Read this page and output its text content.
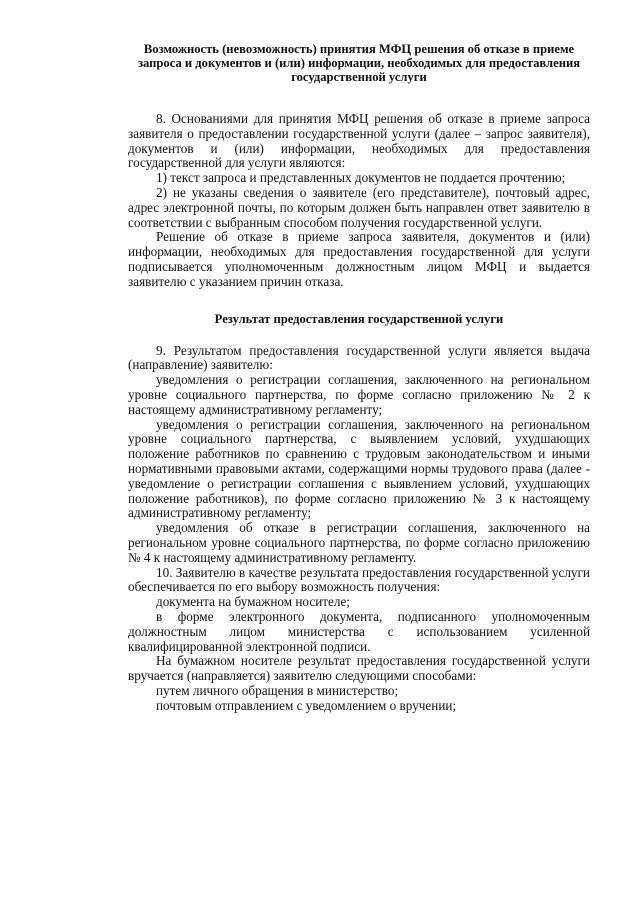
Возможность (невозможность) принятия МФЦ решения об отказе в приеме запроса и документов и (или) информации, необходимых для предоставления государственной услуги

8. Основаниями для принятия МФЦ решения об отказе в приеме запроса заявителя о предоставлении государственной услуги (далее – запрос заявителя), документов и (или) информации, необходимых для предоставления государственной для услуги являются:

1) текст запроса и представленных документов не поддается прочтению;

2) не указаны сведения о заявителе (его представителе), почтовый адрес, адрес электронной почты, по которым должен быть направлен ответ заявителю в соответствии с выбранным способом получения государственной услуги.

Решение об отказе в приеме запроса заявителя, документов и (или) информации, необходимых для предоставления государственной для услуги подписывается уполномоченным должностным лицом МФЦ и выдается заявителю с указанием причин отказа.

Результат предоставления государственной услуги

9. Результатом предоставления государственной услуги является выдача (направление) заявителю:

уведомления о регистрации соглашения, заключенного на региональном уровне социального партнерства, по форме согласно приложению № 2 к настоящему административному регламенту;

уведомления о регистрации соглашения, заключенного на региональном уровне социального партнерства, с выявлением условий, ухудшающих положение работников по сравнению с трудовым законодательством и иными нормативными правовыми актами, содержащими нормы трудового права (далее - уведомление о регистрации соглашения с выявлением условий, ухудшающих положение работников), по форме согласно приложению № 3 к настоящему административному регламенту;

уведомления об отказе в регистрации соглашения, заключенного на региональном уровне социального партнерства, по форме согласно приложению № 4 к настоящему административному регламенту.

10. Заявителю в качестве результата предоставления государственной услуги обеспечивается по его выбору возможность получения:

документа на бумажном носителе;

в форме электронного документа, подписанного уполномоченным должностным лицом министерства с использованием усиленной квалифицированной электронной подписи.

На бумажном носителе результат предоставления государственной услуги вручается (направляется) заявителю следующими способами:

путем личного обращения в министерство;

почтовым отправлением с уведомлением о вручении;
